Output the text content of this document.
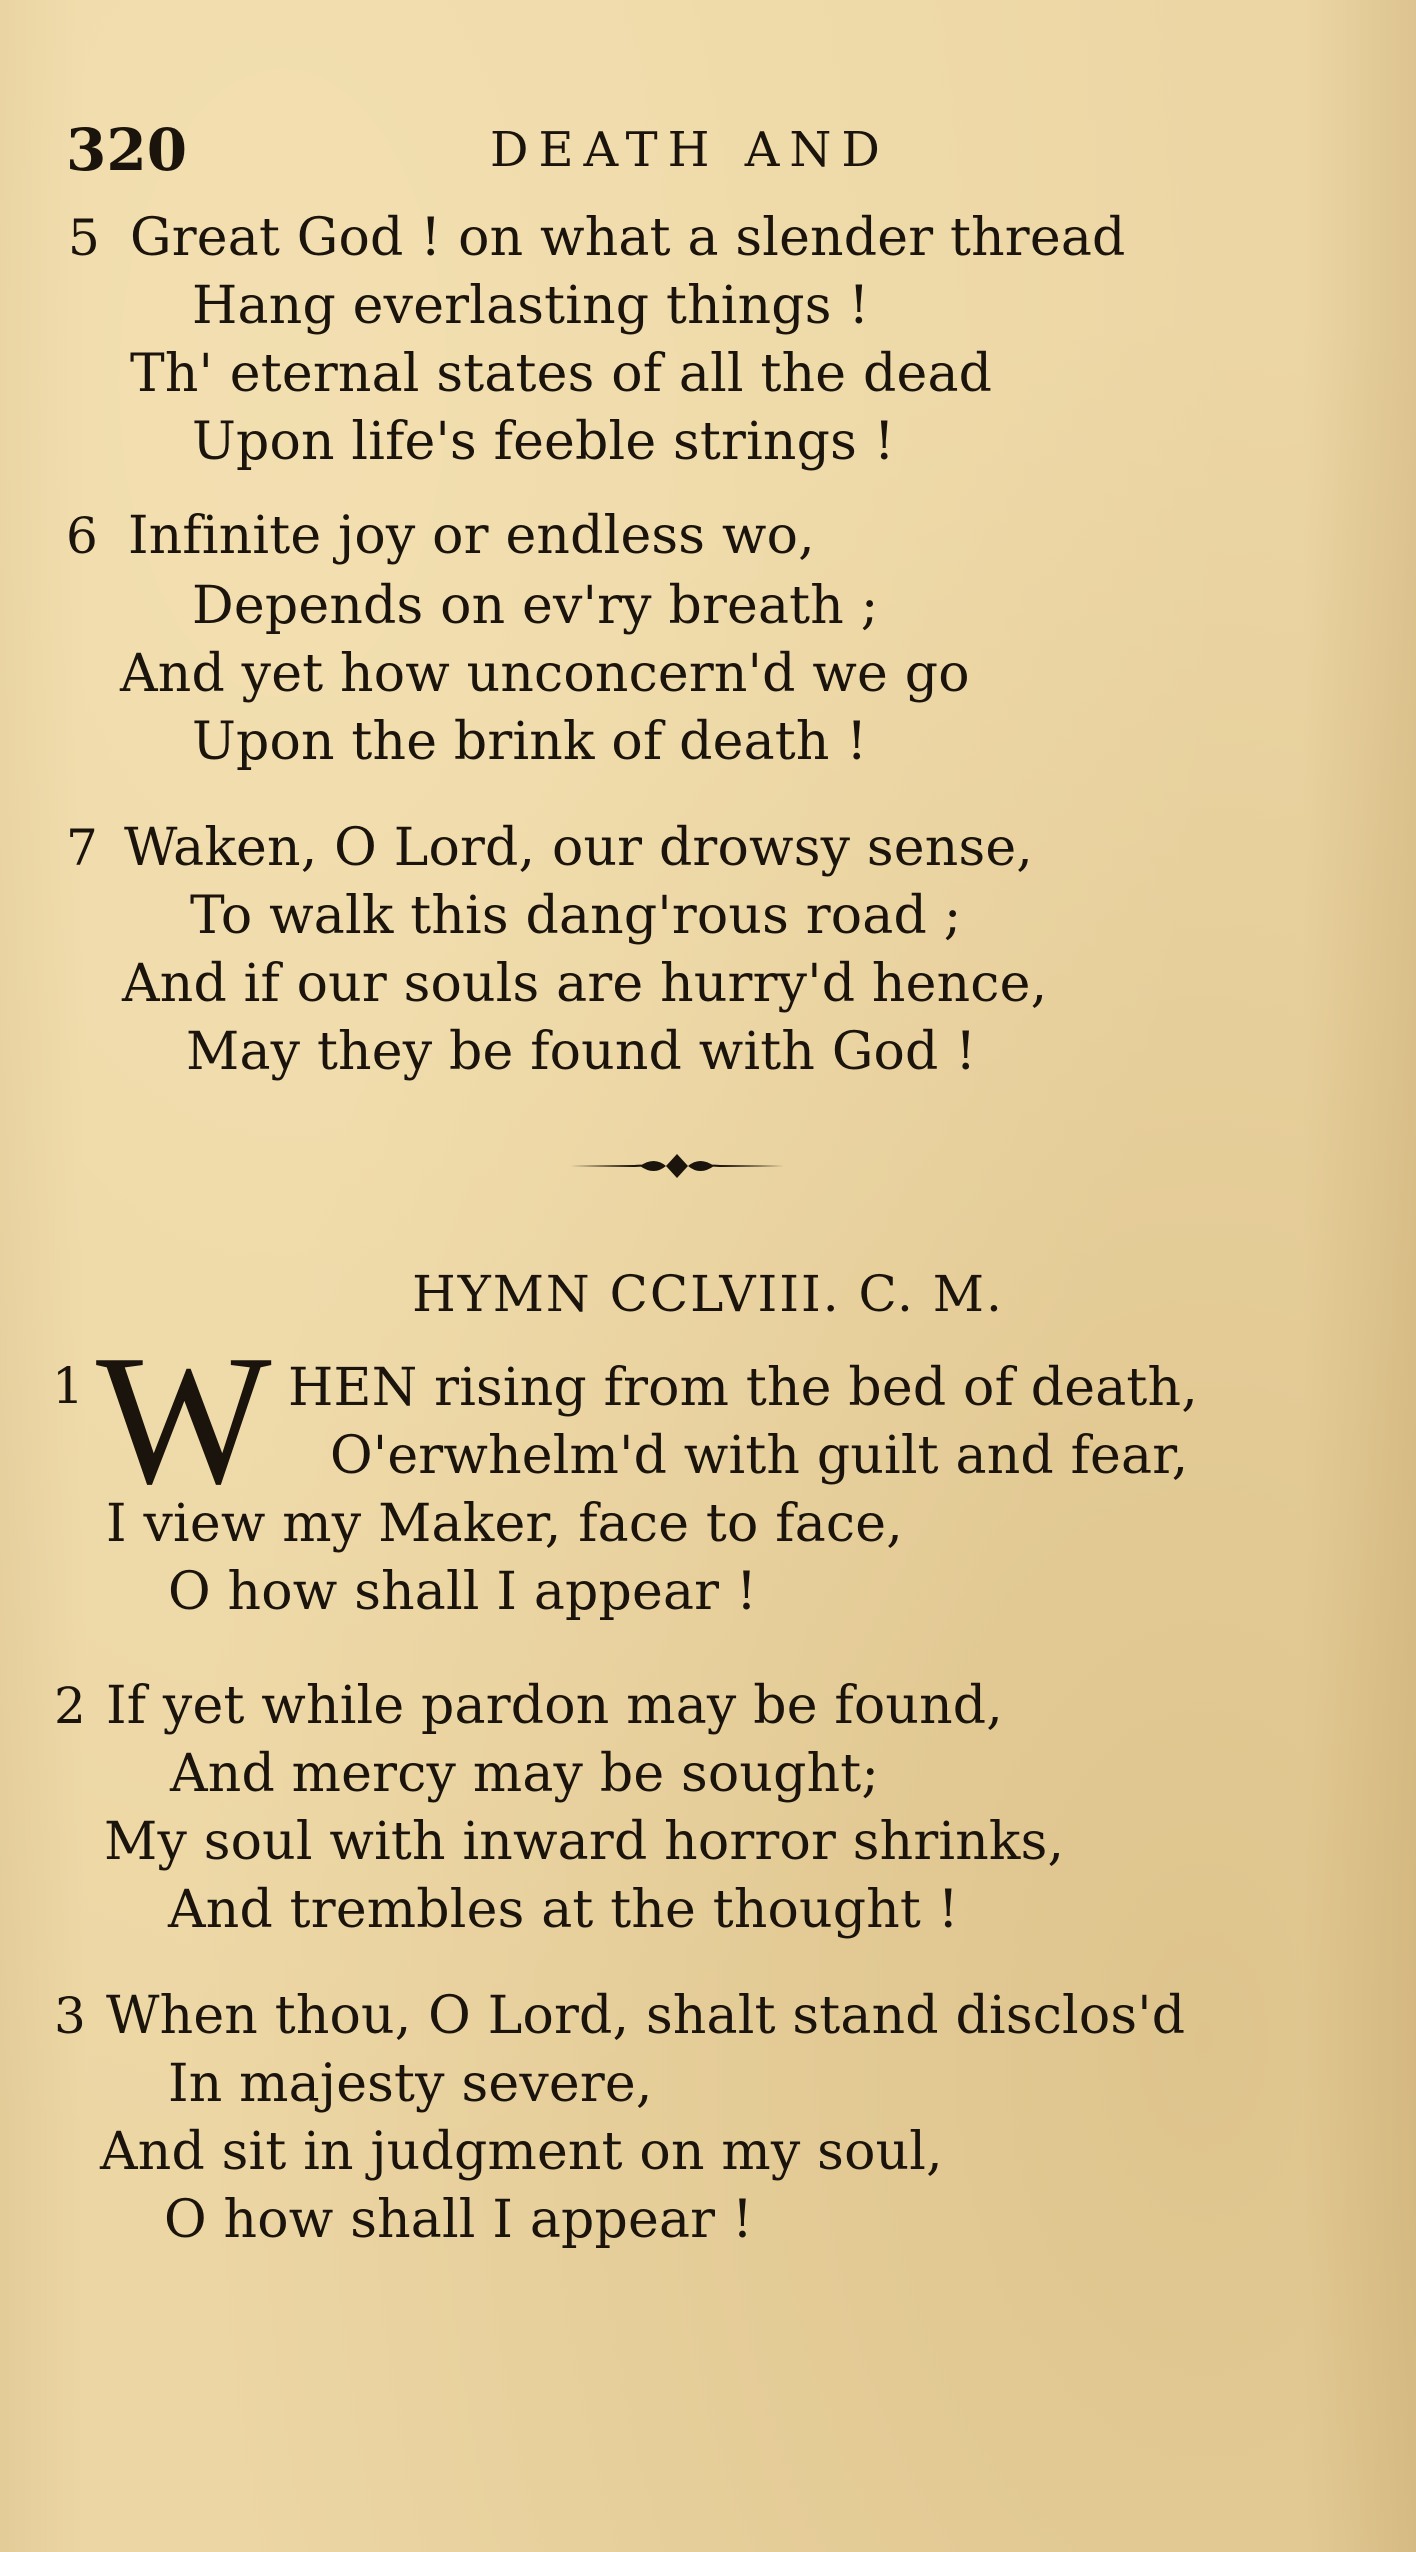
320	DEATH AND
5 Great God ! on what a slender thread
Hang everlasting things !
Th' eternal states of all the dead
Upon life's feeble strings !
6 Infinite joy or endless wo,
Depends on ev'ry breath ;
And yet how unconcern'd we go
Upon the brink of death !
7 Waken, O Lord, our drowsy sense,
To walk this dang'rous road ;
And if our souls are hurry'd hence,
May they be found with God !
HYMN CCLVIII. C. M.
1 W HEN rising from the bed of death,
O'erwhelm'd with guilt and fear,
I view my Maker, face to face,
O how shall I appear !
2 If yet while pardon may be found,
And mercy may be sought;
My soul with inward horror shrinks,
And trembles at the thought !
3 When thou, O Lord, shalt stand disclos'd
In majesty severe,
And sit in judgment on my soul,
O how shall I appear !
